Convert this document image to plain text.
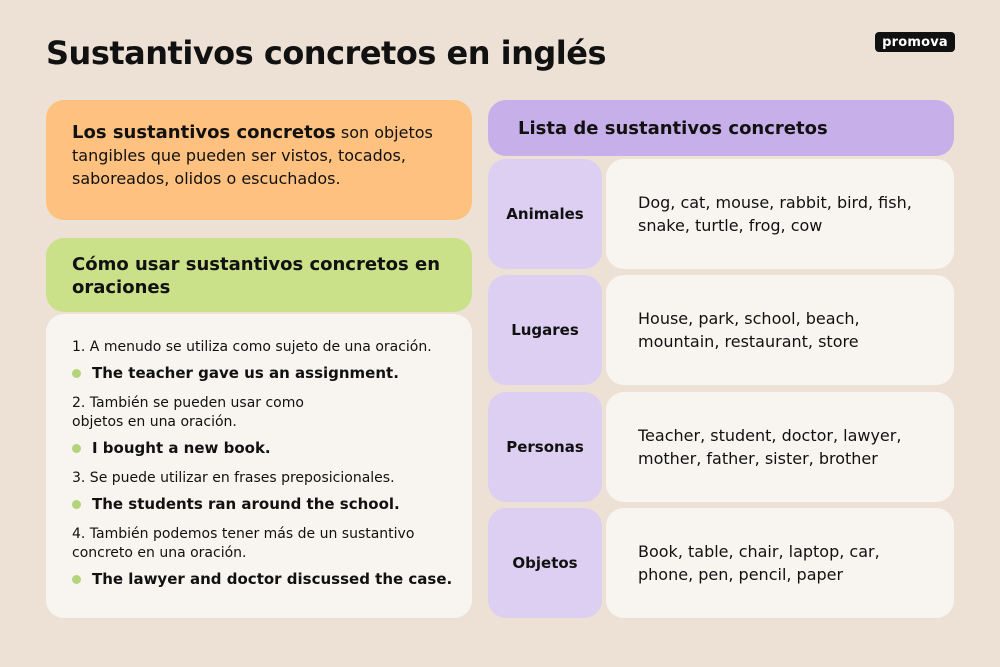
Sustantivos concretos en inglés	promova
Los sustantivos concretos son objetos tangibles que pueden ser vistos, tocados, saboreados, olidos o escuchados.
Cómo usar sustantivos concretos en oraciones

1. A menudo se utiliza como sujeto de una oración.

The teacher gave us an assignment.

2. También se pueden usar como objetos en una oración.

I bought a new book.

3. Se puede utilizar en frases preposicionales.

The students ran around the school.

4. También podemos tener más de un sustantivo concreto en una oración.

The lawyer and doctor discussed the case.
Lista de sustantivos concretos
Animales
Dog, cat, mouse, rabbit, bird, fish, snake, turtle, frog, cow
Lugares
House, park, school, beach, mountain, restaurant, store
Personas
Teacher, student, doctor, lawyer, mother, father, sister, brother
Objetos
Book, table, chair, laptop, car, phone, pen, pencil, paper
